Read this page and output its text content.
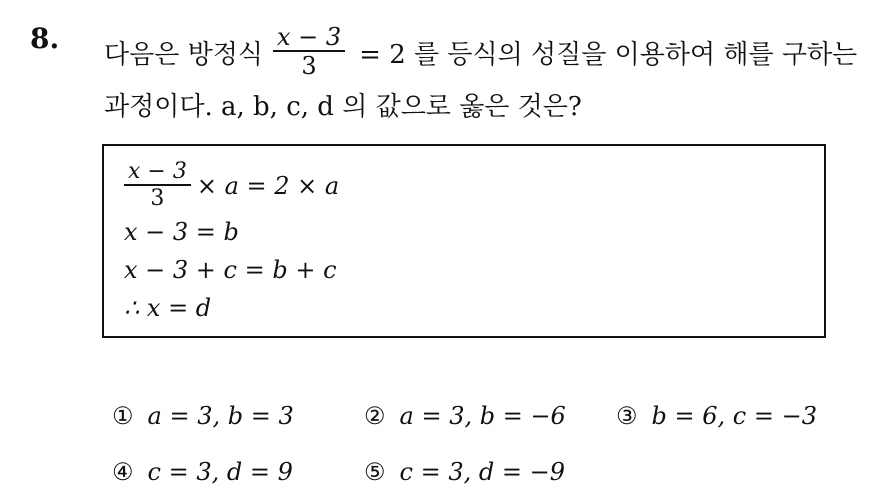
8. 다음은 방정식 $\frac{x - 3}{3} = 2$ 를 등식의 성질을 이용하여 해를 구하는
과정이다. a, b, c, d 의 값으로 옳은 것은?
$\frac{x - 3}{3} \times a = 2 \times a$
x − 3 = b
x − 3 + c = b + c
∴ x = d
① a = 3, b = 3	② a = 3, b = −6 ③ b = 6, c = −3
④ c = 3, d = 9	⑤ c = 3, d = −9
